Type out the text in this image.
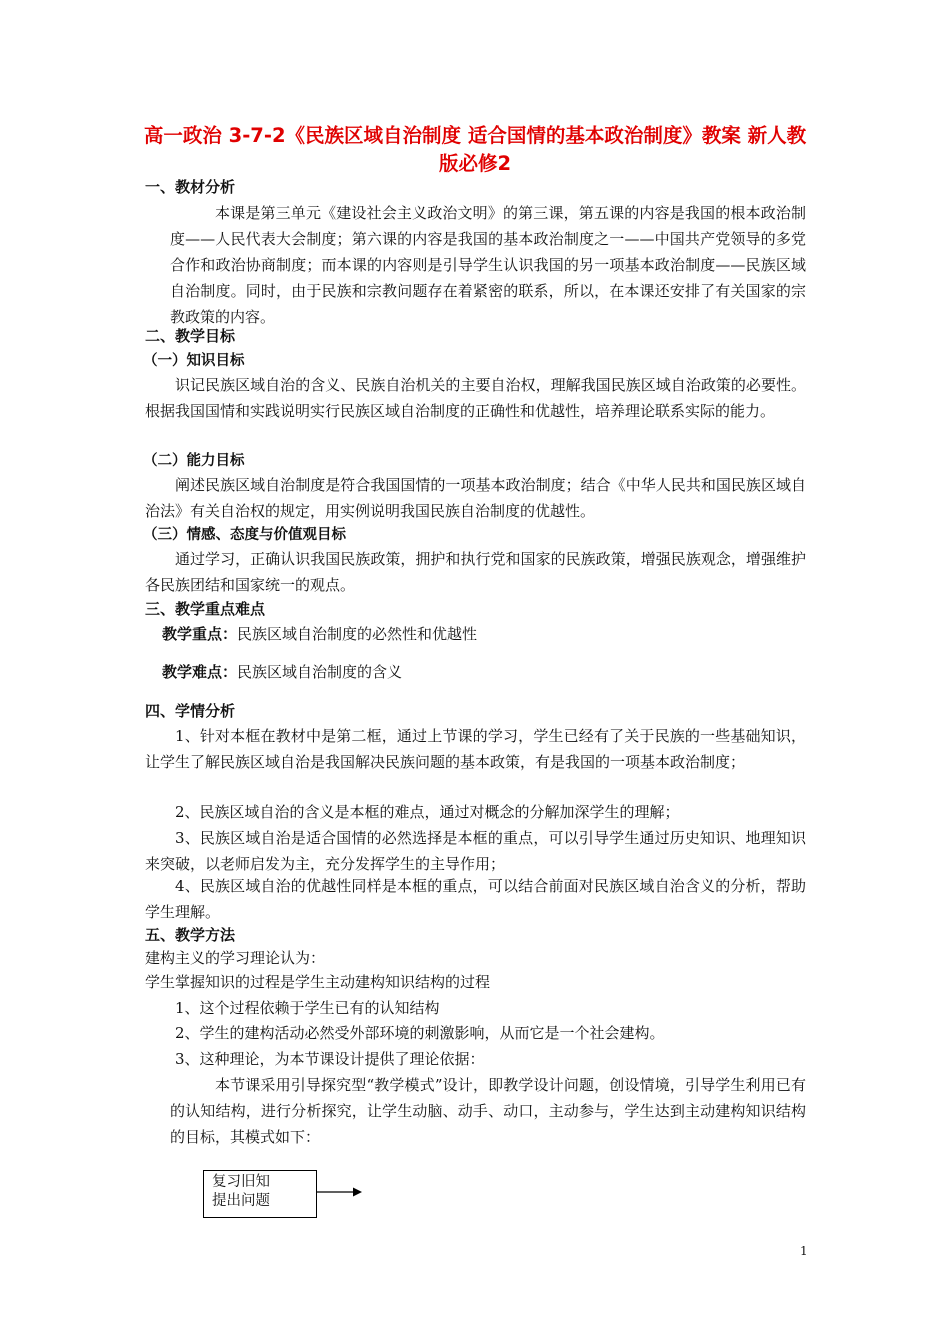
高一政治 3-7-2《民族区域自治制度 适合国情的基本政治制度》教案 新人教版必修2
一、教材分析

本课是第三单元《建设社会主义政治文明》的第三课，第五课的内容是我国的根本政治制度——人民代表大会制度；第六课的内容是我国的基本政治制度之一——中国共产党领导的多党合作和政治协商制度；而本课的内容则是引导学生认识我国的另一项基本政治制度——民族区域自治制度。同时，由于民族和宗教问题存在着紧密的联系，所以，在本课还安排了有关国家的宗教政策的内容。

二、教学目标
（一）知识目标

识记民族区域自治的含义、民族自治机关的主要自治权，理解我国民族区域自治政策的必要性。根据我国国情和实践说明实行民族区域自治制度的正确性和优越性，培养理论联系实际的能力。

（二）能力目标

阐述民族区域自治制度是符合我国国情的一项基本政治制度；结合《中华人民共和国民族区域自治法》有关自治权的规定，用实例说明我国民族自治制度的优越性。

（三）情感、态度与价值观目标

通过学习，正确认识我国民族政策，拥护和执行党和国家的民族政策，增强民族观念，增强维护各民族团结和国家统一的观点。

三、教学重点难点

教学重点：民族区域自治制度的必然性和优越性

教学难点：民族区域自治制度的含义

四、学情分析

1、针对本框在教材中是第二框，通过上节课的学习，学生已经有了关于民族的一些基础知识，让学生了解民族区域自治是我国解决民族问题的基本政策，有是我国的一项基本政治制度；

2、民族区域自治的含义是本框的难点，通过对概念的分解加深学生的理解；

3、民族区域自治是适合国情的必然选择是本框的重点，可以引导学生通过历史知识、地理知识来突破，以老师启发为主，充分发挥学生的主导作用；

4、民族区域自治的优越性同样是本框的重点，可以结合前面对民族区域自治含义的分析，帮助学生理解。

五、教学方法

建构主义的学习理论认为：

学生掌握知识的过程是学生主动建构知识结构的过程

1、这个过程依赖于学生已有的认知结构

2、学生的建构活动必然受外部环境的刺激影响，从而它是一个社会建构。

3、这种理论，为本节课设计提供了理论依据：

本节课采用引导探究型“教学模式”设计，即教学设计问题，创设情境，引导学生利用已有的认知结构，进行分析探究，让学生动脑、动手、动口，主动参与，学生达到主动建构知识结构的目标，其模式如下：

复习旧知
提出问题
1
